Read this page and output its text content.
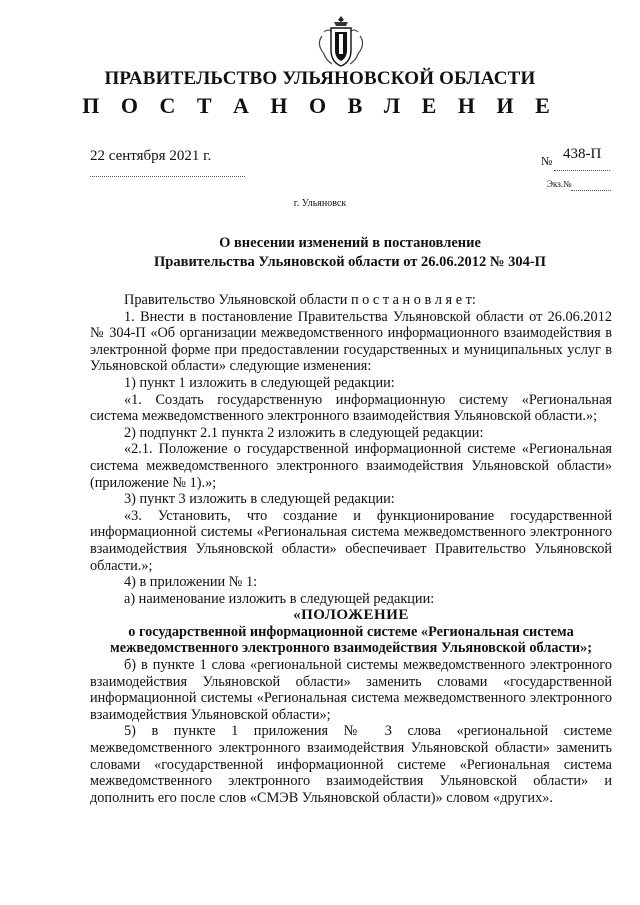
ПРАВИТЕЛЬСТВО УЛЬЯНОВСКОЙ ОБЛАСТИ
П О С Т А Н О В Л Е Н И Е
22 сентября 2021 г.	№ 438-П
Экз.№
г. Ульяновск
О внесении изменений в постановление
Правительства Ульяновской области от 26.06.2012 № 304-П

Правительство Ульяновской области п о с т а н о в л я е т:

1. Внести в постановление Правительства Ульяновской области от 26.06.2012 № 304-П «Об организации межведомственного информационного взаимодействия в электронной форме при предоставлении государственных и муниципальных услуг в Ульяновской области» следующие изменения:

1) пункт 1 изложить в следующей редакции:

«1. Создать государственную информационную систему «Региональная система межведомственного электронного взаимодействия Ульяновской области.»;

2) подпункт 2.1 пункта 2 изложить в следующей редакции:

«2.1. Положение о государственной информационной системе «Региональная система межведомственного электронного взаимодействия Ульяновской области» (приложение № 1).»;

3) пункт 3 изложить в следующей редакции:

«3. Установить, что создание и функционирование государственной информационной системы «Региональная система межведомственного электронного взаимодействия Ульяновской области» обеспечивает Правительство Ульяновской области.»;

4) в приложении № 1:

а) наименование изложить в следующей редакции:

«ПОЛОЖЕНИЕ

о государственной информационной системе «Региональная система межведомственного электронного взаимодействия Ульяновской области»;

б) в пункте 1 слова «региональной системы межведомственного электронного взаимодействия Ульяновской области» заменить словами «государственной информационной системы «Региональная система межведомственного электронного взаимодействия Ульяновской области»;

5) в пункте 1 приложения № 3 слова «региональной системе межведомственного электронного взаимодействия Ульяновской области» заменить словами «государственной информационной системе «Региональная система межведомственного электронного взаимодействия Ульяновской области» и дополнить его после слов «СМЭВ Ульяновской области)» словом «других».
